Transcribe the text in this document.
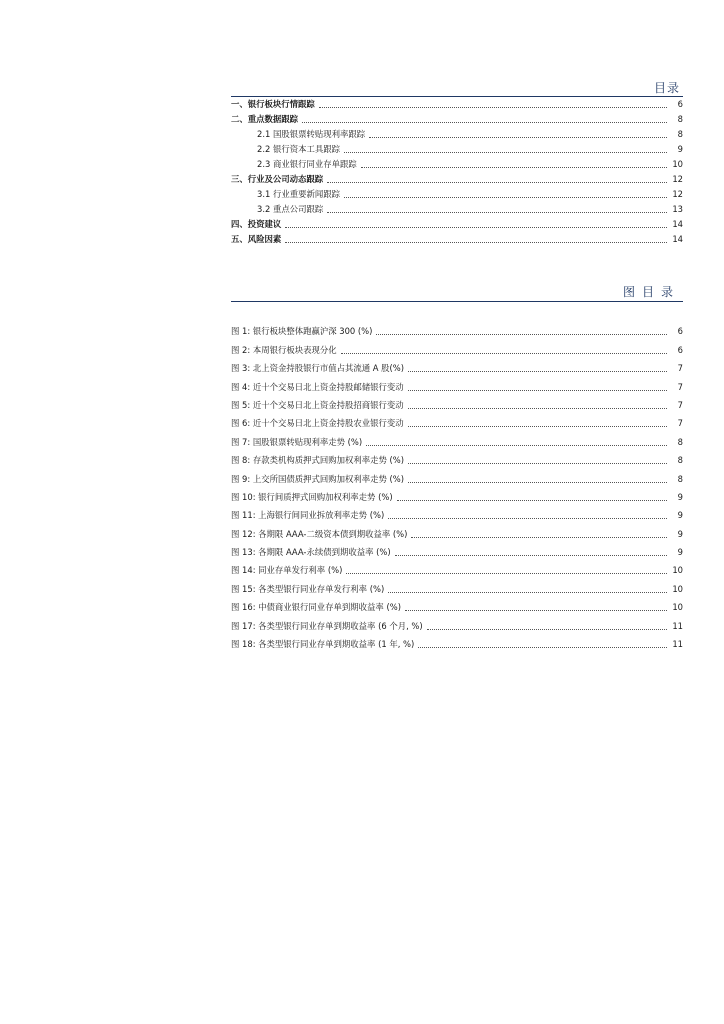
目录
一、银行板块行情跟踪	6
二、重点数据跟踪	8
2.1 国股银票转贴现利率跟踪	8
2.2 银行资本工具跟踪	9
2.3 商业银行同业存单跟踪	10
三、行业及公司动态跟踪	12
3.1 行业重要新闻跟踪	12
3.2 重点公司跟踪	13
四、投资建议	14
五、风险因素	14
图目录
图 1: 银行板块整体跑赢沪深 300 (%)	6
图 2: 本周银行板块表现分化	6
图 3: 北上资金持股银行市值占其流通 A 股(%)	7
图 4: 近十个交易日北上资金持股邮储银行变动	7
图 5: 近十个交易日北上资金持股招商银行变动	7
图 6: 近十个交易日北上资金持股农业银行变动	7
图 7: 国股银票转贴现利率走势 (%)	8
图 8: 存款类机构质押式回购加权利率走势 (%)	8
图 9: 上交所国债质押式回购加权利率走势 (%)	8
图 10: 银行间质押式回购加权利率走势 (%)	9
图 11: 上海银行间同业拆放利率走势 (%)	9
图 12: 各期限 AAA-二级资本债到期收益率 (%)	9
图 13: 各期限 AAA-永续债到期收益率 (%)	9
图 14: 同业存单发行利率 (%)	10
图 15: 各类型银行同业存单发行利率 (%)	10
图 16: 中债商业银行同业存单到期收益率 (%)	10
图 17: 各类型银行同业存单到期收益率 (6 个月, %)	11
图 18: 各类型银行同业存单到期收益率 (1 年, %)	11
